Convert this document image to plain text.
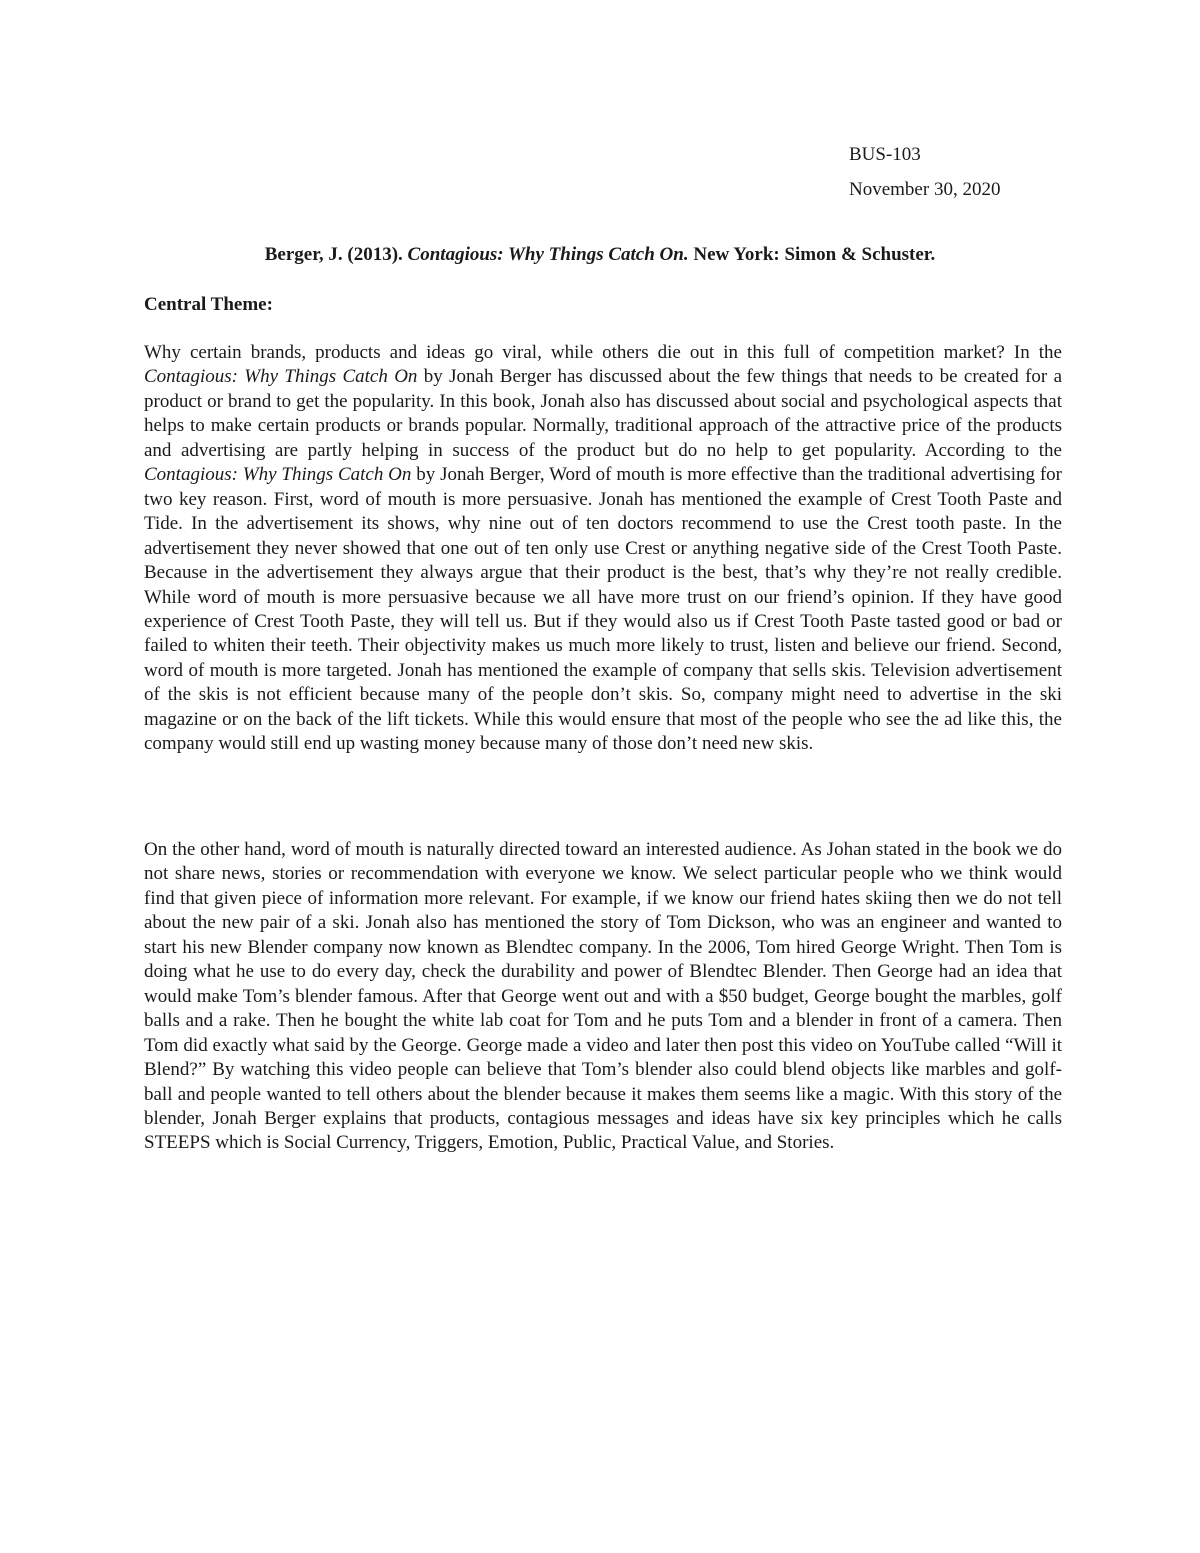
BUS-103

November 30, 2020

Berger, J. (2013). Contagious: Why Things Catch On. New York: Simon & Schuster.
Central Theme:

Why certain brands, products and ideas go viral, while others die out in this full of competition market? In the Contagious: Why Things Catch On by Jonah Berger has discussed about the few things that needs to be created for a product or brand to get the popularity. In this book, Jonah also has discussed about social and psychological aspects that helps to make certain products or brands popular. Normally, traditional approach of the attractive price of the products and advertising are partly helping in success of the product but do no help to get popularity. According to the Contagious: Why Things Catch On by Jonah Berger, Word of mouth is more effective than the traditional advertising for two key reason. First, word of mouth is more persuasive. Jonah has mentioned the example of Crest Tooth Paste and Tide. In the advertisement its shows, why nine out of ten doctors recommend to use the Crest tooth paste. In the advertisement they never showed that one out of ten only use Crest or anything negative side of the Crest Tooth Paste. Because in the advertisement they always argue that their product is the best, that’s why they’re not really credible. While word of mouth is more persuasive because we all have more trust on our friend’s opinion. If they have good experience of Crest Tooth Paste, they will tell us. But if they would also us if Crest Tooth Paste tasted good or bad or failed to whiten their teeth. Their objectivity makes us much more likely to trust, listen and believe our friend. Second, word of mouth is more targeted. Jonah has mentioned the example of company that sells skis. Television advertisement of the skis is not efficient because many of the people don’t skis. So, company might need to advertise in the ski magazine or on the back of the lift tickets. While this would ensure that most of the people who see the ad like this, the company would still end up wasting money because many of those don’t need new skis.

On the other hand, word of mouth is naturally directed toward an interested audience. As Johan stated in the book we do not share news, stories or recommendation with everyone we know. We select particular people who we think would find that given piece of information more relevant. For example, if we know our friend hates skiing then we do not tell about the new pair of a ski. Jonah also has mentioned the story of Tom Dickson, who was an engineer and wanted to start his new Blender company now known as Blendtec company. In the 2006, Tom hired George Wright. Then Tom is doing what he use to do every day, check the durability and power of Blendtec Blender. Then George had an idea that would make Tom’s blender famous. After that George went out and with a $50 budget, George bought the marbles, golf balls and a rake. Then he bought the white lab coat for Tom and he puts Tom and a blender in front of a camera. Then Tom did exactly what said by the George. George made a video and later then post this video on YouTube called “Will it Blend?” By watching this video people can believe that Tom’s blender also could blend objects like marbles and golf-ball and people wanted to tell others about the blender because it makes them seems like a magic. With this story of the blender, Jonah Berger explains that products, contagious messages and ideas have six key principles which he calls STEEPS which is Social Currency, Triggers, Emotion, Public, Practical Value, and Stories.
